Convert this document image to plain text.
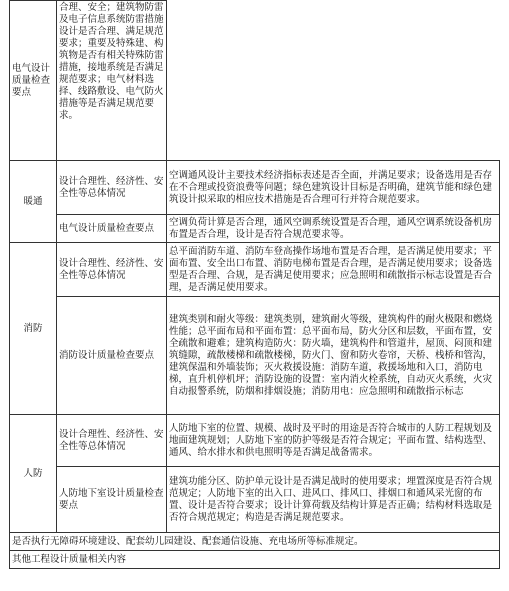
电气设计质量检查要点	合理、安全；建筑物防雷及电子信息系统防雷措施设计是否合理、满足规范要求；重要及特殊建、构筑物是否有相关特殊防雷措施，接地系统是否满足规范要求；电气材料选择、线路敷设、电气防火措施等是否满足规范要求。	
暖通	设计合理性、经济性、安全性等总体情况	空调通风设计主要技术经济指标表述是否全面，并满足要求；设备选用是否存在不合理或投资浪费等问题；绿色建筑设计目标是否明确，建筑节能和绿色建筑设计拟采取的相应技术措施是否合理可行并符合规范要求。
	电气设计质量检查要点	空调负荷计算是否合理，通风空调系统设置是否合理，通风空调系统设备机房布置是否合理，设计是否符合规范要求等。
消防	设计合理性、经济性、安全性等总体情况	总平面消防车道、消防车登高操作场地布置是否合理，是否满足使用要求；平面布置、安全出口布置、消防电梯布置是否合理，是否满足使用要求；设备选型是否合理、合规，是否满足使用要求；应急照明和疏散指示标志设置是否合理，是否满足使用要求。
	消防设计质量检查要点	建筑类别和耐火等级：建筑类别，建筑耐火等级，建筑构件的耐火极限和燃烧性能；总平面布局和平面布置：总平面布局，防火分区和层数，平面布置，安全疏散和避难；建筑构造防火：防火墙，建筑构件和管道井，屋顶、闷顶和建筑缝隙，疏散楼梯和疏散楼梯，防火门、窗和防火卷帘，天桥、栈桥和管沟，建筑保温和外墙装饰；灭火救援设施：消防车道，救援场地和入口，消防电梯，直升机停机坪；消防设施的设置：室内消火栓系统，自动灭火系统，火灾自动报警系统，防烟和排烟设施；消防用电：应急照明和疏散指示标志
人防	设计合理性、经济性、安全性等总体情况	人防地下室的位置、规模、战时及平时的用途是否符合城市的人防工程规划及地面建筑规划；人防地下室的防护等级是否符合规定；平面布置、结构选型、通风、给水排水和供电照明等是否满足战备需求。
	人防地下室设计质量检查要点	建筑功能分区、防护单元设计是否满足战时的使用要求；埋置深度是否符合规范规定；人防地下室的出入口、进风口、排风口、排烟口和通风采光窗的布置、设计是否符合要求；设计计算荷载及结构计算是否正确；结构材料选取是否符合规范规定；构造是否满足规范要求。
是否执行无障碍环境建设、配套幼儿园建设、配套通信设施、充电场所等标准规定。		
其他工程设计质量相关内容		
